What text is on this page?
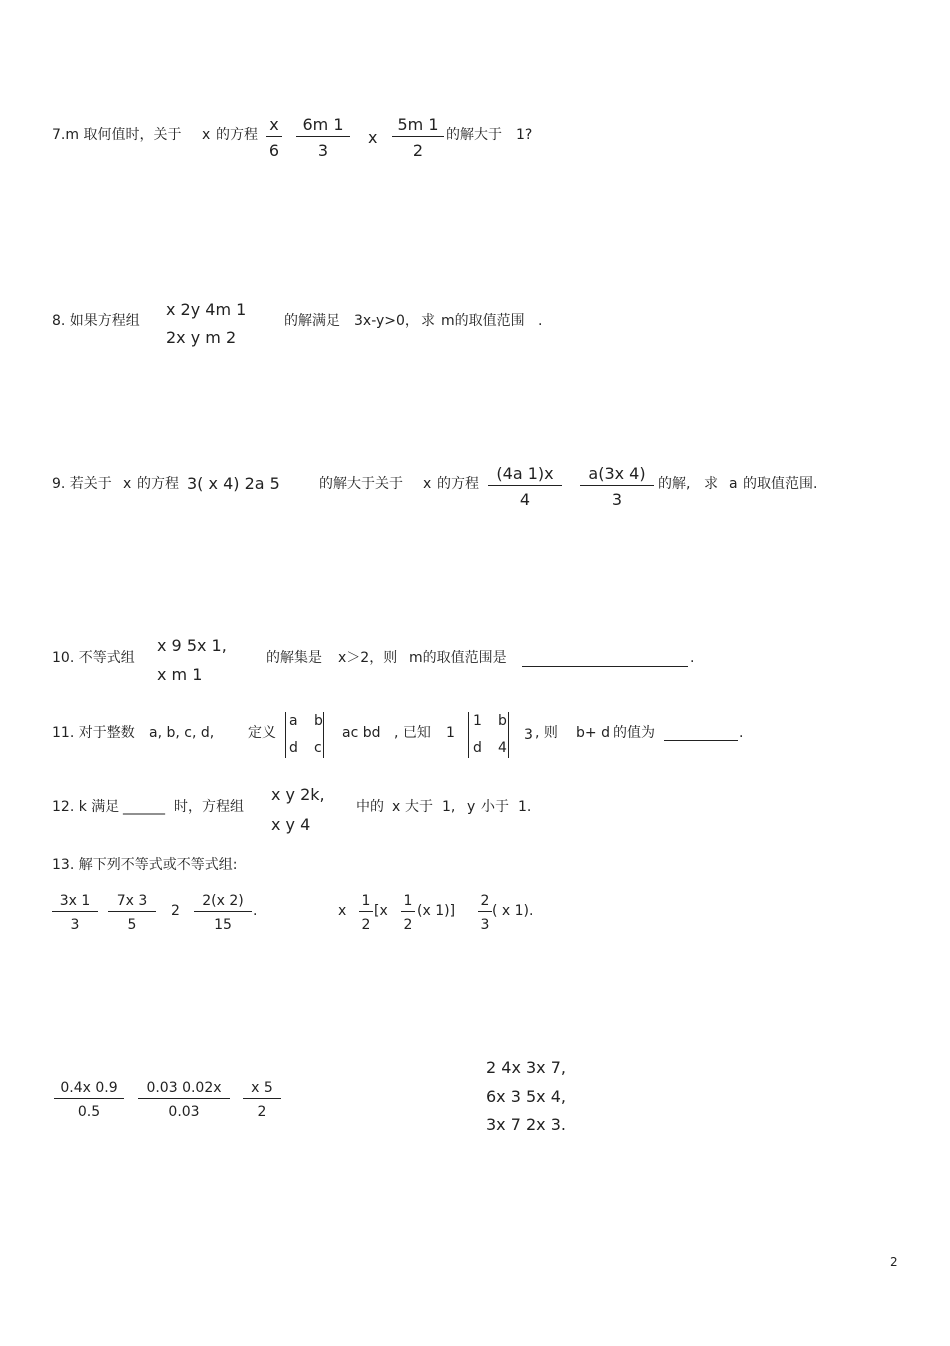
7.m 取何值时，关于 x 的方程
x
6
6m 1
3
x
5m 1
2
的解大于 1?
8. 如果方程组
x 2y 4m 1
2x y m 2
的解满足 3x-y>0， 求 m的取值范围 .
9. 若关于 x 的方程 3( x 4) 2a 5	的解大于关于 x 的方程
(4a 1)x
4
a(3x 4)
3
的解, 求 a 的取值范围.
10. 不等式组
x 9 5x 1,
x m 1
的解集是 x＞2，则 m的取值范围是	.
11. 对于整数 a, b, c, d, 定义
a b
d c
ac bd , 已知 1
1 b
d 4
3 , 则 b+ d 的值为	.
12. k 满足 ______ 时，方程组
x y 2k,
x y 4
中的 x 大于 1, y 小于 1.
13. 解下列不等式或不等式组:
3x 1
3
7x 3
5
2
2(x 2)
15
.	x
1
2
[x
1
2
(x 1)]
2
3
( x 1).
0.4x 0.9
0.5
0.03 0.02x
0.03
x 5
2
2 4x 3x 7,
6x 3 5x 4,
3x 7 2x 3.
2
